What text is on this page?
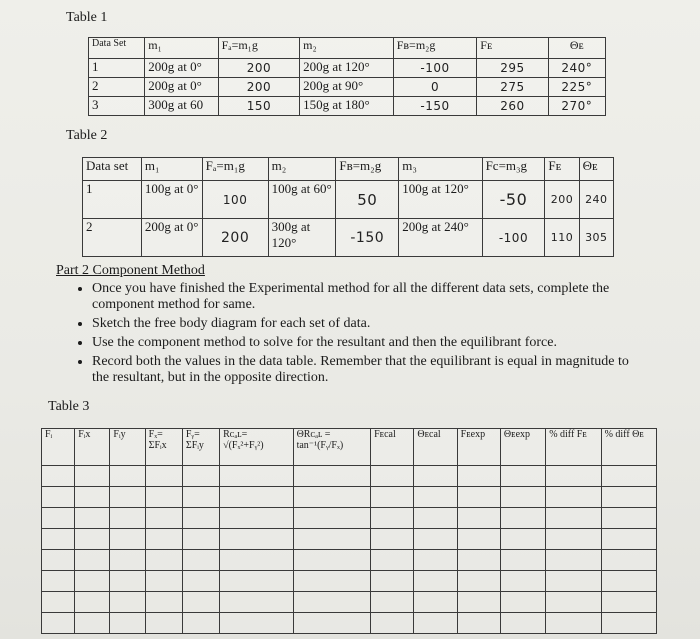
Table 1
Data Set	m₁	Fₐ=m₁g	m₂	Fʙ=m₂g	Fᴇ	Θᴇ
1	200g at 0°	200	200g at 120°	-100	295	240°
2	200g at 0°	200	200g at 90°	0	275	225°
3	300g at 60	150	150g at 180°	-150	260	270°
Table 2
Data set	m₁	Fₐ=m₁g	m₂	Fʙ=m₂g	m₃	Fc=m₃g	Fᴇ	Θᴇ
1	100g at 0°	100	100g at 60°	50	100g at 120°	-50	200	240
2	200g at 0°	200	300g at 120°	-150	200g at 240°	-100	110	305
Part 2 Component Method
• Once you have finished the Experimental method for all the different data sets, complete the component method for same.
• Sketch the free body diagram for each set of data.
• Use the component method to solve for the resultant and then the equilibrant force.
• Record both the values in the data table. Remember that the equilibrant is equal in magnitude to the resultant, but in the opposite direction.
Table 3
Fᵢ	Fᵢx	Fᵢy	Fₓ= ΣFᵢx	Fᵧ= ΣFᵢy	Rᴄₐʟ= √(Fₓ²+Fᵧ²)	ΘRᴄₐʟ = tan⁻¹(Fᵧ/Fₓ)	Fᴇcal	Θᴇcal	Fᴇexp	Θᴇexp	% diff Fᴇ	% diff Θᴇ
